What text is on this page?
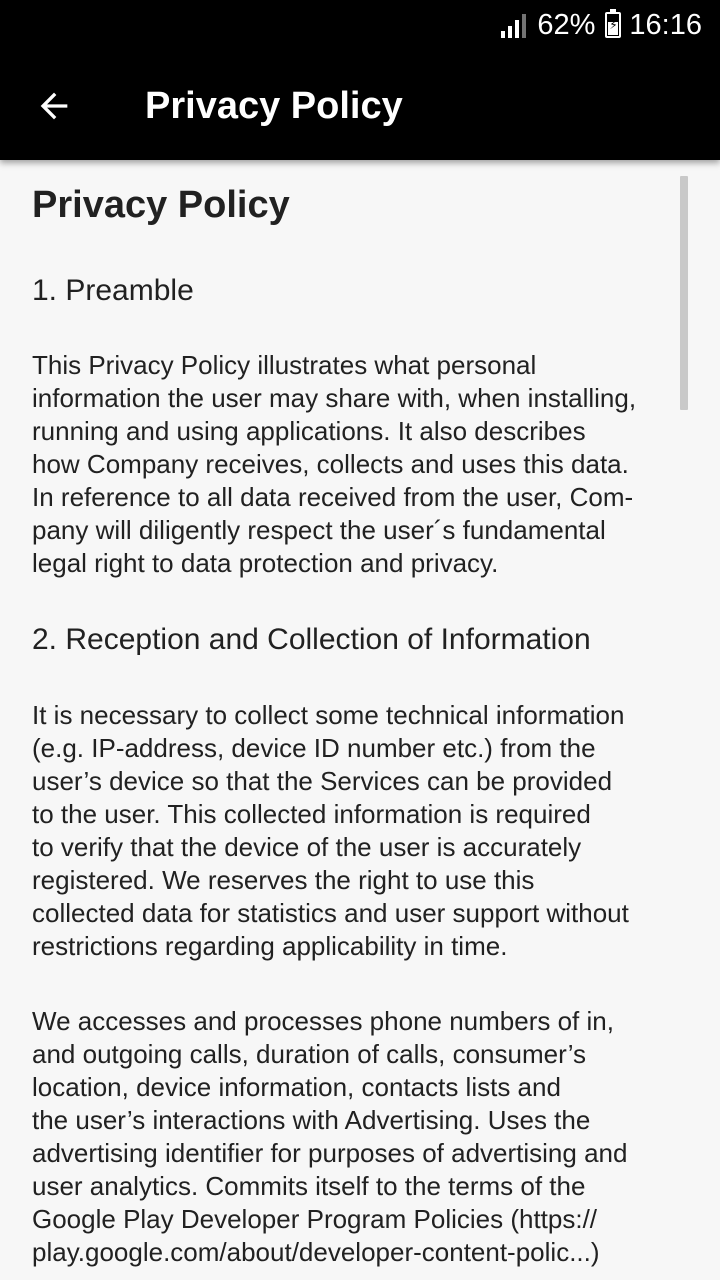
62% ⚡ 16:16
Privacy Policy
Privacy Policy
1. Preamble

This Privacy Policy illustrates what personal
information the user may share with, when installing,
running and using applications. It also describes
how Company receives, collects and uses this data.
In reference to all data received from the user, Com-
pany will diligently respect the user´s fundamental
legal right to data protection and privacy.

2. Reception and Collection of Information

It is necessary to collect some technical information
(e.g. IP-address, device ID number etc.) from the
user’s device so that the Services can be provided
to the user. This collected information is required
to verify that the device of the user is accurately
registered. We reserves the right to use this
collected data for statistics and user support without
restrictions regarding applicability in time.

We accesses and processes phone numbers of in,
and outgoing calls, duration of calls, consumer’s
location, device information, contacts lists and
the user’s interactions with Advertising. Uses the
advertising identifier for purposes of advertising and
user analytics. Commits itself to the terms of the
Google Play Developer Program Policies (https://
play.google.com/about/developer-content-polic...)
